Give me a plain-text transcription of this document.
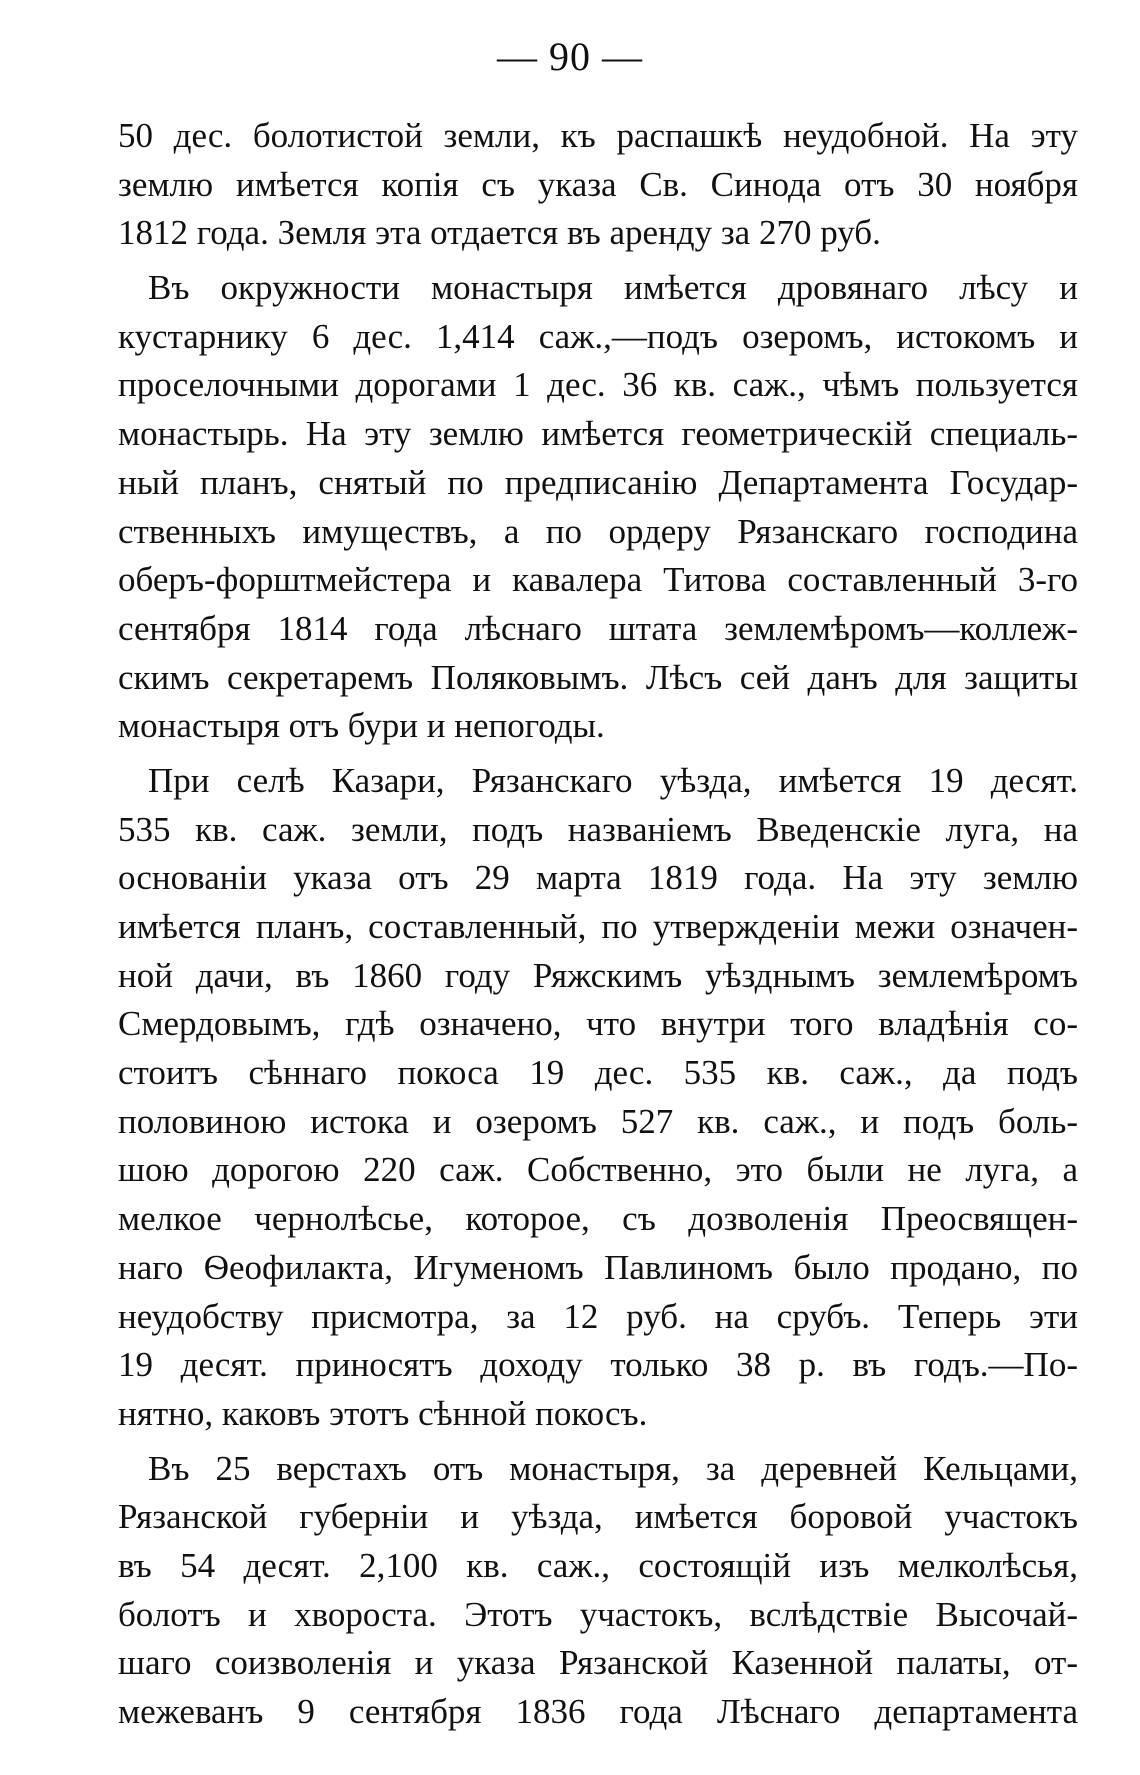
— 90 —
50 дес. болотистой земли, къ распашкѣ неудобной. На эту
землю имѣется копія съ указа Св. Синода отъ 30 ноября
1812 года. Земля эта отдается въ аренду за 270 руб.
Въ окружности монастыря имѣется дровянаго лѣсу и
кустарнику 6 дес. 1,414 саж.,—подъ озеромъ, истокомъ и
проселочными дорогами 1 дес. 36 кв. саж., чѣмъ пользуется
монастырь. На эту землю имѣется геометрическій специаль-
ный планъ, снятый по предписанію Департамента Государ-
ственныхъ имуществъ, а по ордеру Рязанскаго господина
оберъ-форштмейстера и кавалера Титова составленный 3-го
сентября 1814 года лѣснаго штата землемѣромъ—коллеж-
скимъ секретаремъ Поляковымъ. Лѣсъ сей данъ для защиты
монастыря отъ бури и непогоды.
При селѣ Казари, Рязанскаго уѣзда, имѣется 19 десят.
535 кв. саж. земли, подъ названіемъ Введенскіе луга, на
основаніи указа отъ 29 марта 1819 года. На эту землю
имѣется планъ, составленный, по утвержденіи межи означен-
ной дачи, въ 1860 году Ряжскимъ уѣзднымъ землемѣромъ
Смердовымъ, гдѣ означено, что внутри того владѣнія со-
стоитъ сѣннаго покоса 19 дес. 535 кв. саж., да подъ
половиною истока и озеромъ 527 кв. саж., и подъ боль-
шою дорогою 220 саж. Собственно, это были не луга, а
мелкое чернолѣсье, которое, съ дозволенія Преосвящен-
наго Ѳеофилакта, Игуменомъ Павлиномъ было продано, по
неудобству присмотра, за 12 руб. на срубъ. Теперь эти
19 десят. приносятъ доходу только 38 р. въ годъ.—По-
нятно, каковъ этотъ сѣнной покосъ.
Въ 25 верстахъ отъ монастыря, за деревней Кельцами,
Рязанской губерніи и уѣзда, имѣется боровой участокъ
въ 54 десят. 2,100 кв. саж., состоящій изъ мелколѣсья,
болотъ и хвороста. Этотъ участокъ, вслѣдствіе Высочай-
шаго соизволенія и указа Рязанской Казенной палаты, от-
межеванъ 9 сентября 1836 года Лѣснаго департамента
